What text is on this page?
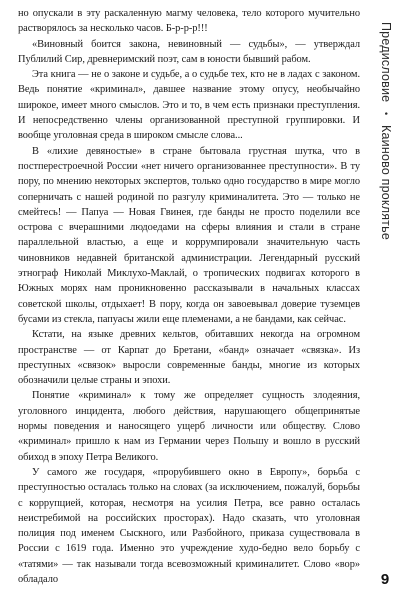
но опускали в эту раскаленную магму человека, тело которого мучительно растворялось за несколько часов. Б-р-р-р!!!

«Виновный боится закона, невиновный — судьбы», — утверждал Публилий Сир, древнеримский поэт, сам в юности бывший рабом.

Эта книга — не о законе и судьбе, а о судьбе тех, кто не в ладах с законом. Ведь понятие «криминал», давшее название этому опусу, необычайно широкое, имеет много смыслов. Это и то, в чем есть признаки преступления. И непосредственно члены организованной преступной группировки. И вообще уголовная среда в широком смысле слова...

В «лихие девяностые» в стране бытовала грустная шутка, что в постперестроечной России «нет ничего организованнее преступности». В ту пору, по мнению некоторых экспертов, только одно государство в мире могло соперничать с нашей родиной по разгулу криминалитета. Это — только не смейтесь! — Папуа — Новая Гвинея, где банды не просто поделили все острова с вчерашними людоедами на сферы влияния и стали в стране параллельной властью, а еще и коррумпировали значительную часть чиновников недавней британской администрации. Легендарный русский этнограф Николай Миклухо-Маклай, о тропических подвигах которого в Южных морях нам проникновенно рассказывали в начальных классах советской школы, отдыхает! В пору, когда он завоевывал доверие туземцев бусами из стекла, папуасы жили еще племенами, а не бандами, как сейчас.

Кстати, на языке древних кельтов, обитавших некогда на огромном пространстве — от Карпат до Бретани, «банд» означает «связка». Из преступных «связок» выросли современные банды, многие из которых обозначили целые страны и эпохи.

Понятие «криминал» к тому же определяет сущность злодеяния, уголовного инцидента, любого действия, нарушающего общепринятые нормы поведения и наносящего ущерб личности или обществу. Слово «криминал» пришло к нам из Германии через Польшу и вошло в русский обиход в эпоху Петра Великого.

У самого же государя, «прорубившего окно в Европу», борьба с преступностью осталась только на словах (за исключением, пожалуй, борьбы с коррупцией, которая, несмотря на усилия Петра, все равно осталась неистребимой на российских просторах). Надо сказать, что уголовная полиция под именем Сыскного, или Разбойного, приказа существовала в России с 1619 года. Именно это учреждение худо-бедно вело борьбу с «татями» — так называли тогда всевозможный криминалитет. Слово «вор» обладало

Предисловие • Каиново проклятье
9
